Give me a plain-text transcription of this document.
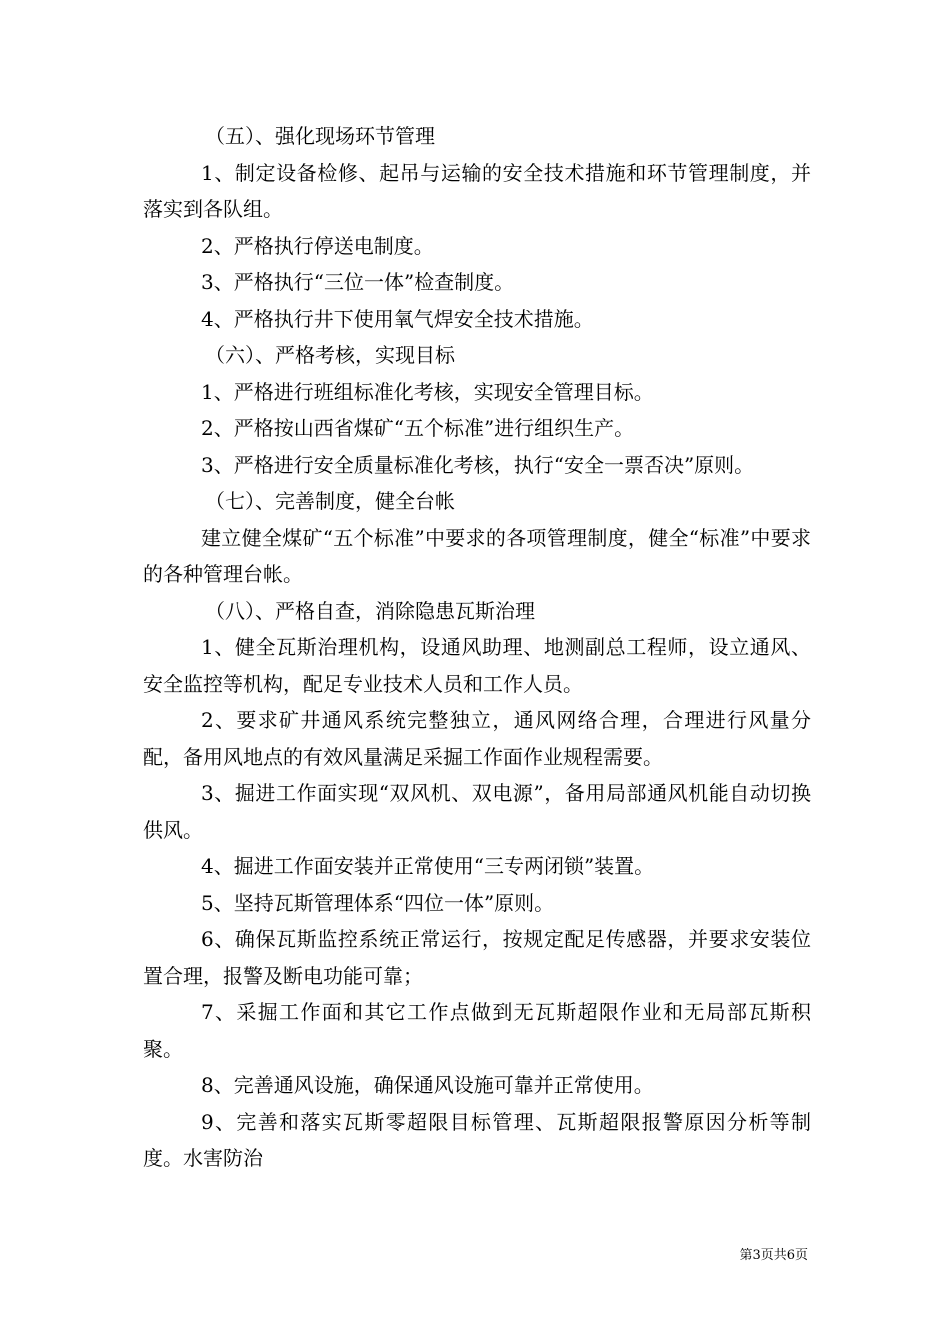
（五）、强化现场环节管理

1、制定设备检修、起吊与运输的安全技术措施和环节管理制度，并落实到各队组。

2、严格执行停送电制度。

3、严格执行“三位一体”检查制度。

4、严格执行井下使用氧气焊安全技术措施。

（六）、严格考核，实现目标

1、严格进行班组标准化考核，实现安全管理目标。

2、严格按山西省煤矿“五个标准”进行组织生产。

3、严格进行安全质量标准化考核，执行“安全一票否决”原则。

（七）、完善制度，健全台帐

建立健全煤矿“五个标准”中要求的各项管理制度，健全“标准”中要求的各种管理台帐。

（八）、严格自查，消除隐患瓦斯治理

1、健全瓦斯治理机构，设通风助理、地测副总工程师，设立通风、安全监控等机构，配足专业技术人员和工作人员。

2、要求矿井通风系统完整独立，通风网络合理，合理进行风量分配，备用风地点的有效风量满足采掘工作面作业规程需要。

3、掘进工作面实现“双风机、双电源”，备用局部通风机能自动切换供风。

4、掘进工作面安装并正常使用“三专两闭锁”装置。

5、坚持瓦斯管理体系“四位一体”原则。

6、确保瓦斯监控系统正常运行，按规定配足传感器，并要求安装位置合理，报警及断电功能可靠；

7、采掘工作面和其它工作点做到无瓦斯超限作业和无局部瓦斯积聚。

8、完善通风设施，确保通风设施可靠并正常使用。

9、完善和落实瓦斯零超限目标管理、瓦斯超限报警原因分析等制度。水害防治

第3页共6页
